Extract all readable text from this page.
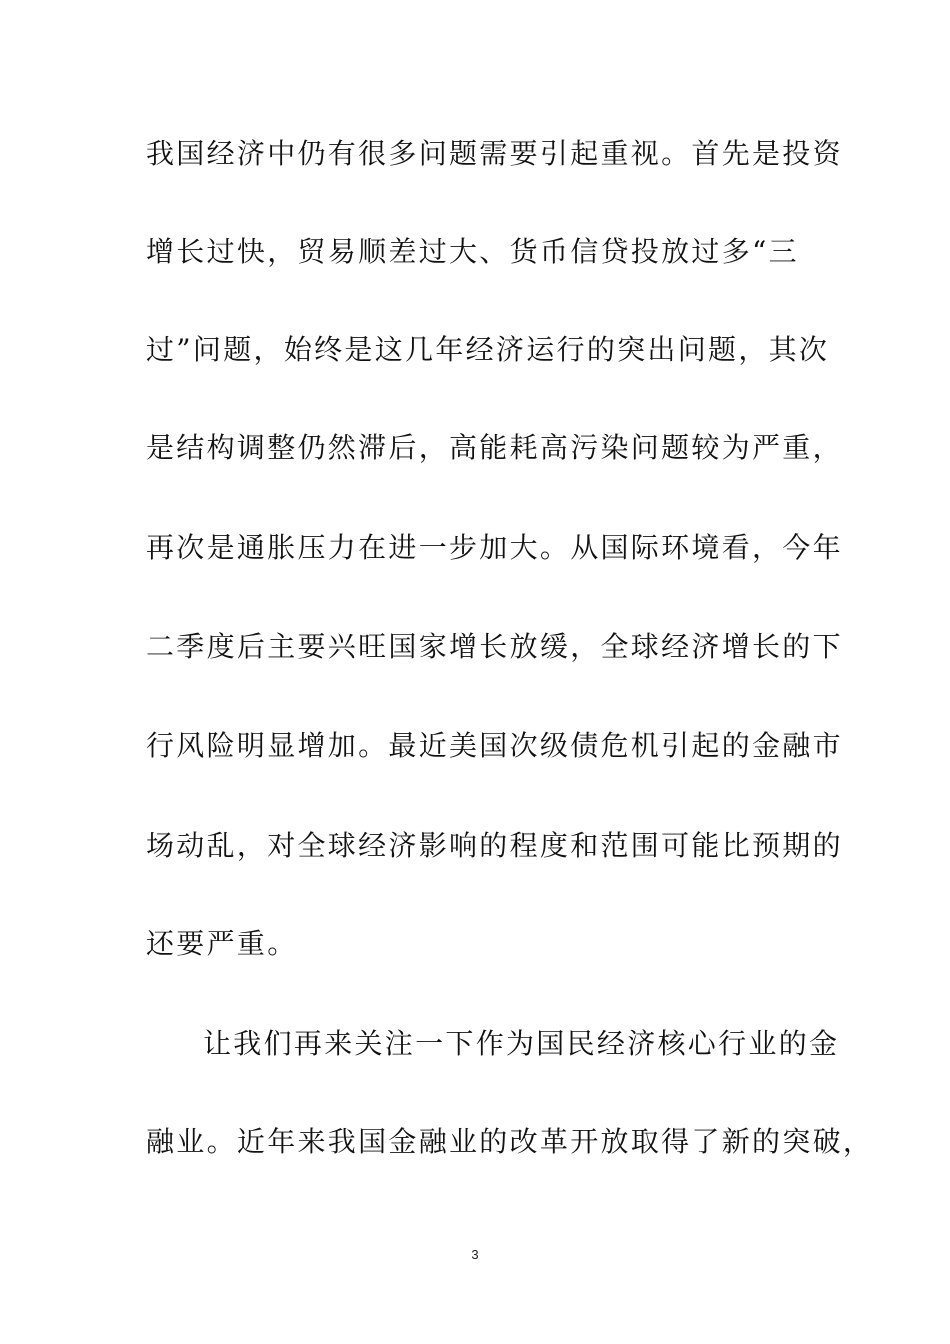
我国经济中仍有很多问题需要引起重视。首先是投资
增长过快，贸易顺差过大、货币信贷投放过多“三
过”问题，始终是这几年经济运行的突出问题，其次
是结构调整仍然滞后，高能耗高污染问题较为严重，
再次是通胀压力在进一步加大。从国际环境看，今年
二季度后主要兴旺国家增长放缓，全球经济增长的下
行风险明显增加。最近美国次级债危机引起的金融市
场动乱，对全球经济影响的程度和范围可能比预期的
还要严重。
让我们再来关注一下作为国民经济核心行业的金
融业。近年来我国金融业的改革开放取得了新的突破，
3
